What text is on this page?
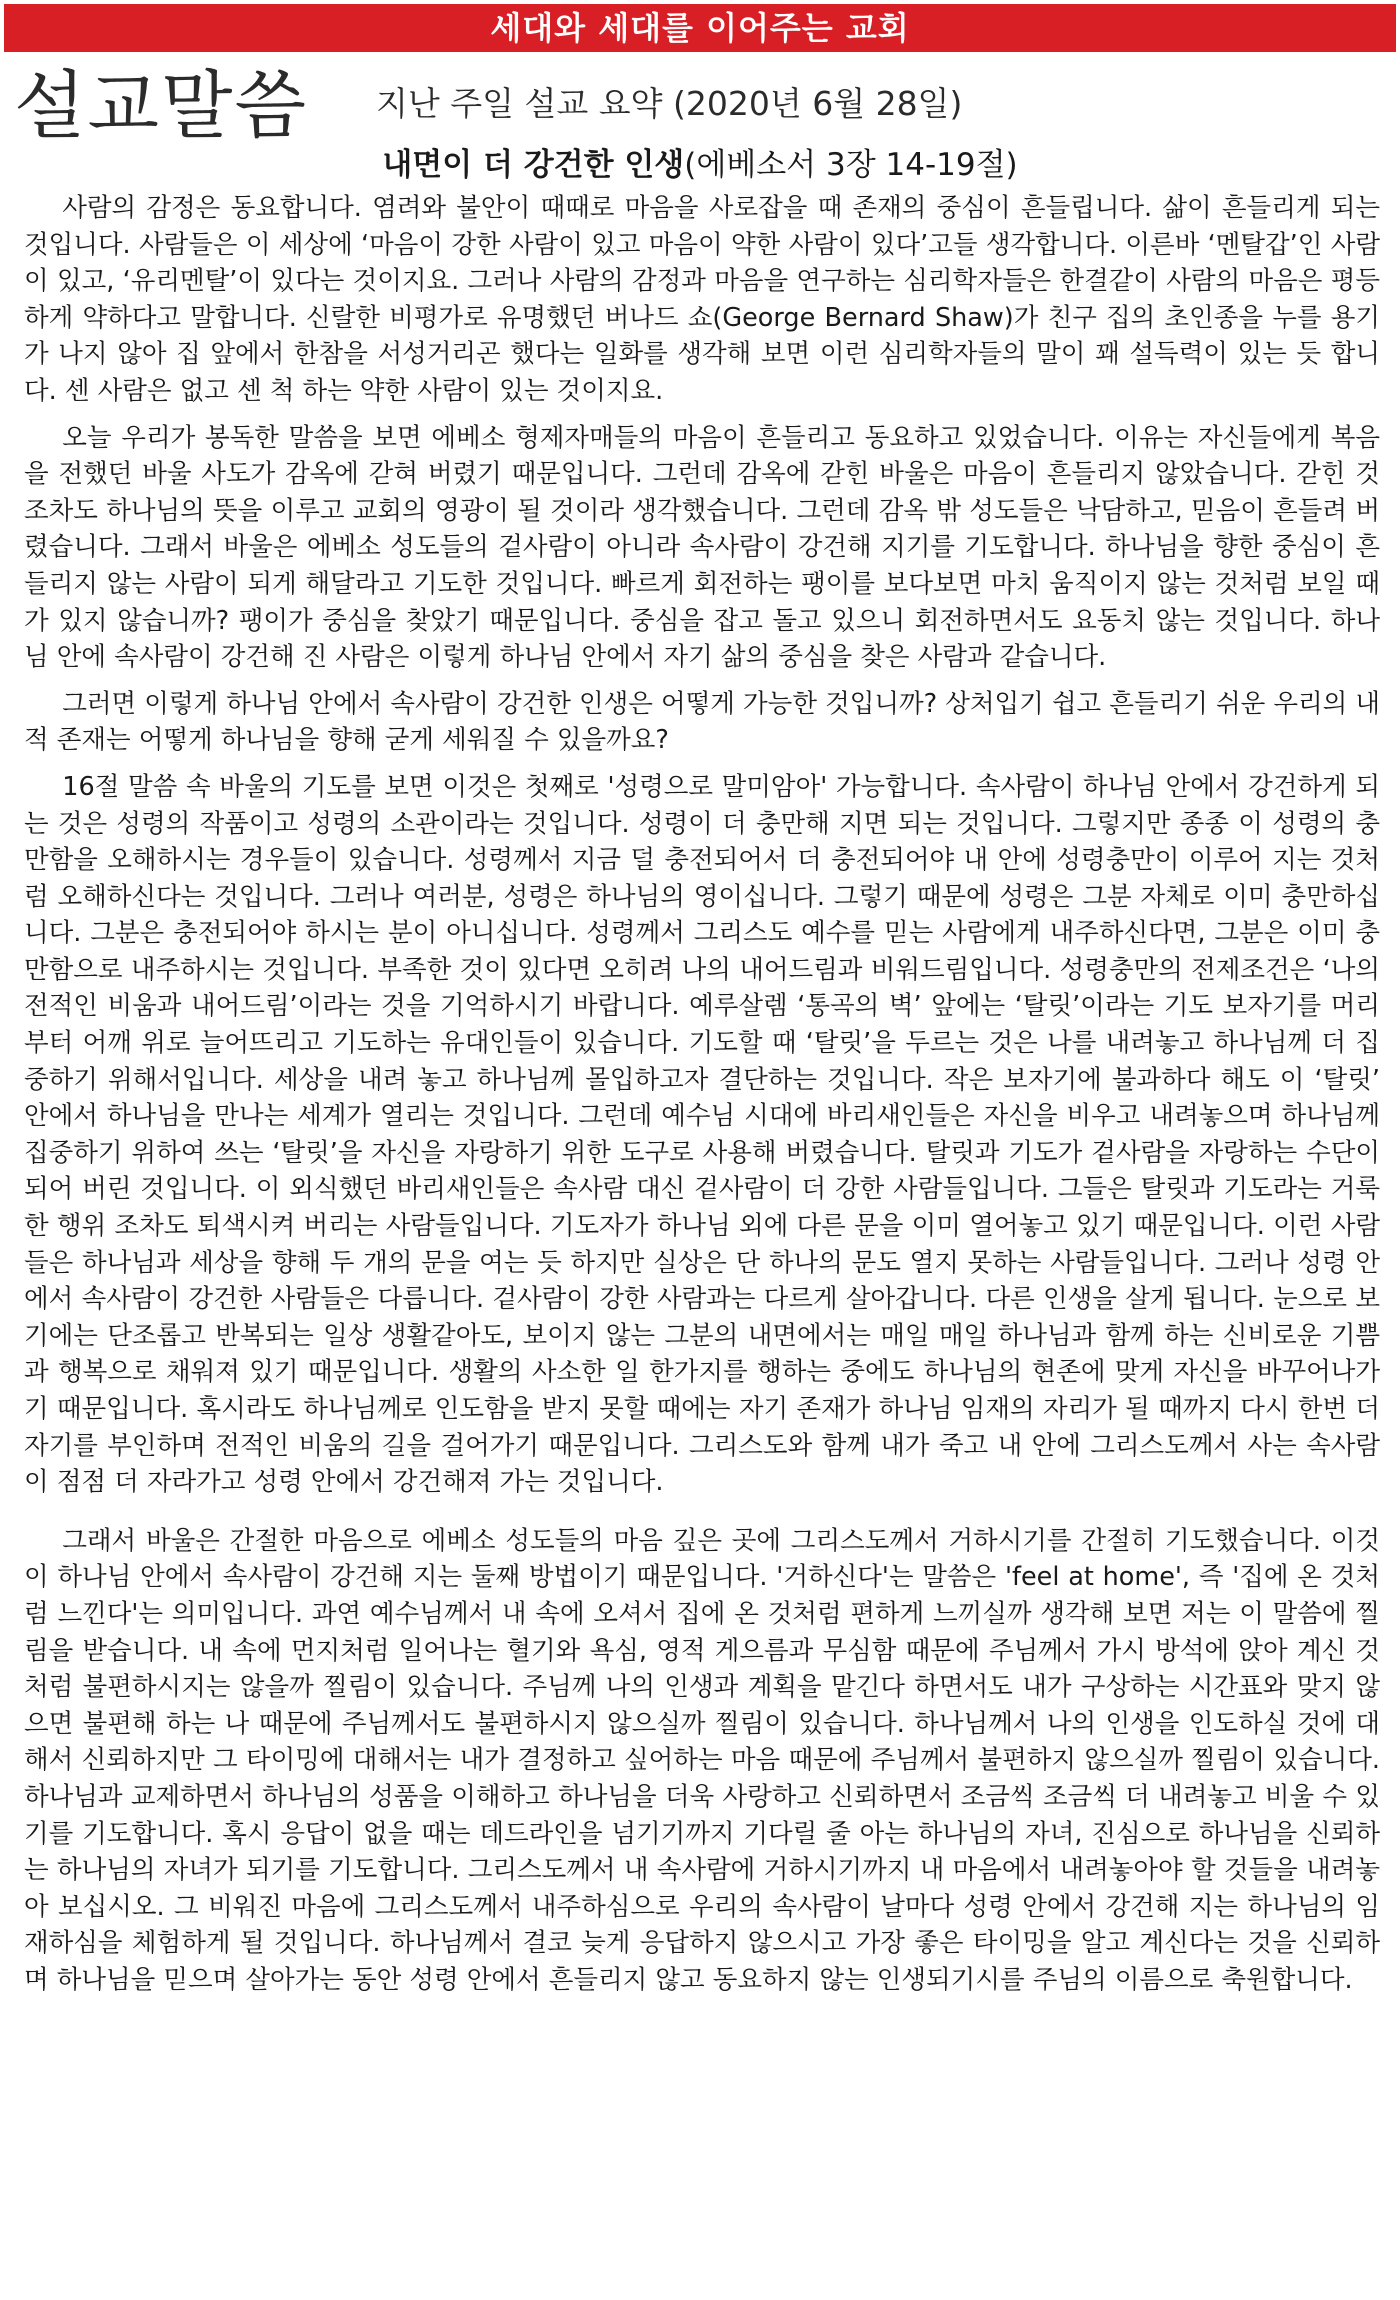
세대와 세대를 이어주는 교회
설교말씀 지난 주일 설교 요약 (2020년 6월 28일)
내면이 더 강건한 인생(에베소서 3장 14-19절)

사람의 감정은 동요합니다. 염려와 불안이 때때로 마음을 사로잡을 때 존재의 중심이 흔들립니다. 삶이 흔들리게 되는 것입니다. 사람들은 이 세상에 ‘마음이 강한 사람이 있고 마음이 약한 사람이 있다’고들 생각합니다. 이른바 ‘멘탈갑’인 사람이 있고, ‘유리멘탈’이 있다는 것이지요. 그러나 사람의 감정과 마음을 연구하는 심리학자들은 한결같이 사람의 마음은 평등하게 약하다고 말합니다. 신랄한 비평가로 유명했던 버나드 쇼(George Bernard Shaw)가 친구 집의 초인종을 누를 용기가 나지 않아 집 앞에서 한참을 서성거리곤 했다는 일화를 생각해 보면 이런 심리학자들의 말이 꽤 설득력이 있는 듯 합니다. 센 사람은 없고 센 척 하는 약한 사람이 있는 것이지요.

오늘 우리가 봉독한 말씀을 보면 에베소 형제자매들의 마음이 흔들리고 동요하고 있었습니다. 이유는 자신들에게 복음을 전했던 바울 사도가 감옥에 갇혀 버렸기 때문입니다. 그런데 감옥에 갇힌 바울은 마음이 흔들리지 않았습니다. 갇힌 것 조차도 하나님의 뜻을 이루고 교회의 영광이 될 것이라 생각했습니다. 그런데 감옥 밖 성도들은 낙담하고, 믿음이 흔들려 버렸습니다. 그래서 바울은 에베소 성도들의 겉사람이 아니라 속사람이 강건해 지기를 기도합니다. 하나님을 향한 중심이 흔들리지 않는 사람이 되게 해달라고 기도한 것입니다. 빠르게 회전하는 팽이를 보다보면 마치 움직이지 않는 것처럼 보일 때가 있지 않습니까? 팽이가 중심을 찾았기 때문입니다. 중심을 잡고 돌고 있으니 회전하면서도 요동치 않는 것입니다. 하나님 안에 속사람이 강건해 진 사람은 이렇게 하나님 안에서 자기 삶의 중심을 찾은 사람과 같습니다.

그러면 이렇게 하나님 안에서 속사람이 강건한 인생은 어떻게 가능한 것입니까? 상처입기 쉽고 흔들리기 쉬운 우리의 내적 존재는 어떻게 하나님을 향해 굳게 세워질 수 있을까요?

16절 말씀 속 바울의 기도를 보면 이것은 첫째로 '성령으로 말미암아' 가능합니다. 속사람이 하나님 안에서 강건하게 되는 것은 성령의 작품이고 성령의 소관이라는 것입니다. 성령이 더 충만해 지면 되는 것입니다. 그렇지만 종종 이 성령의 충만함을 오해하시는 경우들이 있습니다. 성령께서 지금 덜 충전되어서 더 충전되어야 내 안에 성령충만이 이루어 지는 것처럼 오해하신다는 것입니다. 그러나 여러분, 성령은 하나님의 영이십니다. 그렇기 때문에 성령은 그분 자체로 이미 충만하십니다. 그분은 충전되어야 하시는 분이 아니십니다. 성령께서 그리스도 예수를 믿는 사람에게 내주하신다면, 그분은 이미 충만함으로 내주하시는 것입니다. 부족한 것이 있다면 오히려 나의 내어드림과 비워드림입니다. 성령충만의 전제조건은 ‘나의 전적인 비움과 내어드림’이라는 것을 기억하시기 바랍니다. 예루살렘 ‘통곡의 벽’ 앞에는 ‘탈릿’이라는 기도 보자기를 머리부터 어깨 위로 늘어뜨리고 기도하는 유대인들이 있습니다. 기도할 때 ‘탈릿’을 두르는 것은 나를 내려놓고 하나님께 더 집중하기 위해서입니다. 세상을 내려 놓고 하나님께 몰입하고자 결단하는 것입니다. 작은 보자기에 불과하다 해도 이 ‘탈릿’ 안에서 하나님을 만나는 세계가 열리는 것입니다. 그런데 예수님 시대에 바리새인들은 자신을 비우고 내려놓으며 하나님께 집중하기 위하여 쓰는 ‘탈릿’을 자신을 자랑하기 위한 도구로 사용해 버렸습니다. 탈릿과 기도가 겉사람을 자랑하는 수단이 되어 버린 것입니다. 이 외식했던 바리새인들은 속사람 대신 겉사람이 더 강한 사람들입니다. 그들은 탈릿과 기도라는 거룩한 행위 조차도 퇴색시켜 버리는 사람들입니다. 기도자가 하나님 외에 다른 문을 이미 열어놓고 있기 때문입니다. 이런 사람들은 하나님과 세상을 향해 두 개의 문을 여는 듯 하지만 실상은 단 하나의 문도 열지 못하는 사람들입니다. 그러나 성령 안에서 속사람이 강건한 사람들은 다릅니다. 겉사람이 강한 사람과는 다르게 살아갑니다. 다른 인생을 살게 됩니다. 눈으로 보기에는 단조롭고 반복되는 일상 생활같아도, 보이지 않는 그분의 내면에서는 매일 매일 하나님과 함께 하는 신비로운 기쁨과 행복으로 채워져 있기 때문입니다. 생활의 사소한 일 한가지를 행하는 중에도 하나님의 현존에 맞게 자신을 바꾸어나가기 때문입니다. 혹시라도 하나님께로 인도함을 받지 못할 때에는 자기 존재가 하나님 임재의 자리가 될 때까지 다시 한번 더 자기를 부인하며 전적인 비움의 길을 걸어가기 때문입니다. 그리스도와 함께 내가 죽고 내 안에 그리스도께서 사는 속사람이 점점 더 자라가고 성령 안에서 강건해져 가는 것입니다.

그래서 바울은 간절한 마음으로 에베소 성도들의 마음 깊은 곳에 그리스도께서 거하시기를 간절히 기도했습니다. 이것이 하나님 안에서 속사람이 강건해 지는 둘째 방법이기 때문입니다. '거하신다'는 말씀은 'feel at home', 즉 '집에 온 것처럼 느낀다'는 의미입니다. 과연 예수님께서 내 속에 오셔서 집에 온 것처럼 편하게 느끼실까 생각해 보면 저는 이 말씀에 찔림을 받습니다. 내 속에 먼지처럼 일어나는 혈기와 욕심, 영적 게으름과 무심함 때문에 주님께서 가시 방석에 앉아 계신 것처럼 불편하시지는 않을까 찔림이 있습니다. 주님께 나의 인생과 계획을 맡긴다 하면서도 내가 구상하는 시간표와 맞지 않으면 불편해 하는 나 때문에 주님께서도 불편하시지 않으실까 찔림이 있습니다. 하나님께서 나의 인생을 인도하실 것에 대해서 신뢰하지만 그 타이밍에 대해서는 내가 결정하고 싶어하는 마음 때문에 주님께서 불편하지 않으실까 찔림이 있습니다. 하나님과 교제하면서 하나님의 성품을 이해하고 하나님을 더욱 사랑하고 신뢰하면서 조금씩 조금씩 더 내려놓고 비울 수 있기를 기도합니다. 혹시 응답이 없을 때는 데드라인을 넘기기까지 기다릴 줄 아는 하나님의 자녀, 진심으로 하나님을 신뢰하는 하나님의 자녀가 되기를 기도합니다. 그리스도께서 내 속사람에 거하시기까지 내 마음에서 내려놓아야 할 것들을 내려놓아 보십시오. 그 비워진 마음에 그리스도께서 내주하심으로 우리의 속사람이 날마다 성령 안에서 강건해 지는 하나님의 임재하심을 체험하게 될 것입니다. 하나님께서 결코 늦게 응답하지 않으시고 가장 좋은 타이밍을 알고 계신다는 것을 신뢰하며 하나님을 믿으며 살아가는 동안 성령 안에서 흔들리지 않고 동요하지 않는 인생되기시를 주님의 이름으로 축원합니다.
